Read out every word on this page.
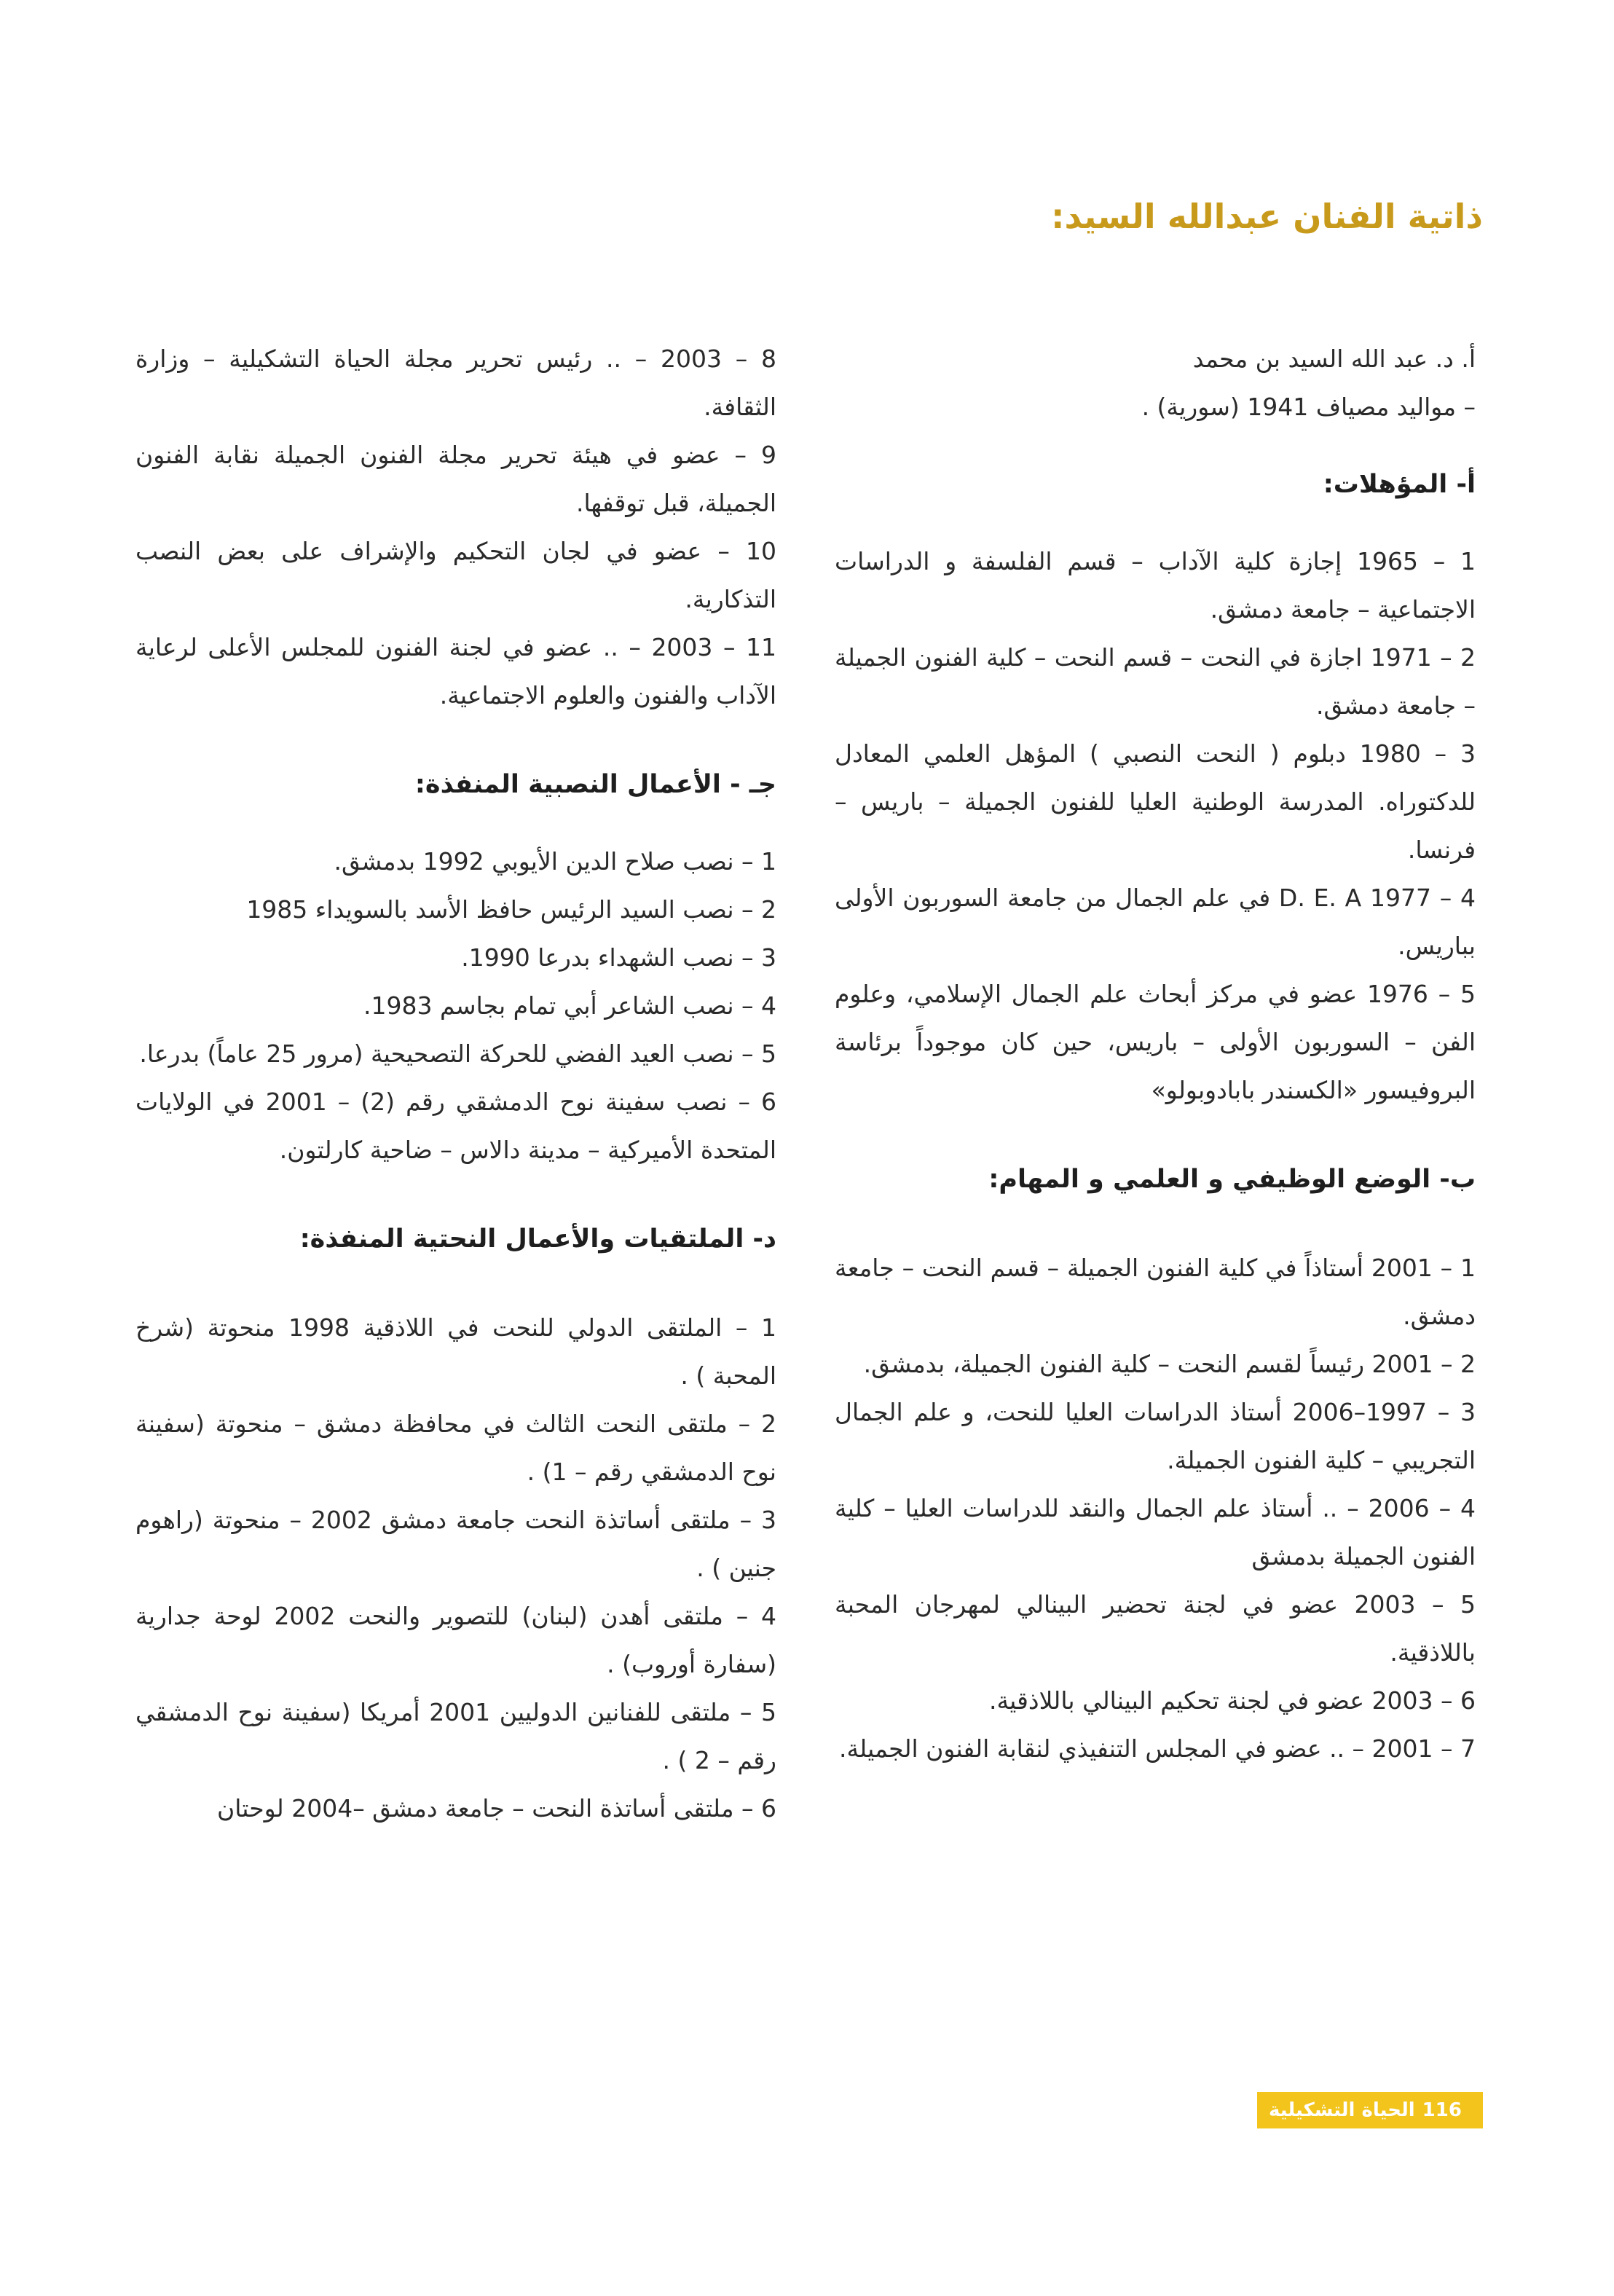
ذاتية الفنان عبدالله السيد:

أ. د. عبد الله السيد بن محمد

– مواليد مصياف 1941 (سورية) .

أ- المؤهلات:

1 – 1965 إجازة كلية الآداب – قسم الفلسفة و الدراسات الاجتماعية – جامعة دمشق.

2 – 1971 اجازة في النحت – قسم النحت – كلية الفنون الجميلة – جامعة دمشق.

3 – 1980 دبلوم ( النحت النصبي ) المؤهل العلمي المعادل للدكتوراه. المدرسة الوطنية العليا للفنون الجميلة – باريس – فرنسا.

4 – D. E. A 1977 في علم الجمال من جامعة السوربون الأولى بباريس.

5 – 1976 عضو في مركز أبحاث علم الجمال الإسلامي، وعلوم الفن – السوربون الأولى – باريس، حين كان موجوداً برئاسة البروفيسور «الكسندر بابادوبولو»

ب- الوضع الوظيفي و العلمي و المهام:

1 – 2001 أستاذاً في كلية الفنون الجميلة – قسم النحت – جامعة دمشق.

2 – 2001 رئيساً لقسم النحت – كلية الفنون الجميلة، بدمشق.

3 – 1997–2006 أستاذ الدراسات العليا للنحت، و علم الجمال التجريبي – كلية الفنون الجميلة.

4 – 2006 – .. أستاذ علم الجمال والنقد للدراسات العليا – كلية الفنون الجميلة بدمشق

5 – 2003 عضو في لجنة تحضير البينالي لمهرجان المحبة باللاذقية.

6 – 2003 عضو في لجنة تحكيم البينالي باللاذقية.

7 – 2001 – .. عضو في المجلس التنفيذي لنقابة الفنون الجميلة.

8 – 2003 – .. رئيس تحرير مجلة الحياة التشكيلية – وزارة الثقافة.

9 – عضو في هيئة تحرير مجلة الفنون الجميلة نقابة الفنون الجميلة، قبل توقفها.

10 – عضو في لجان التحكيم والإشراف على بعض النصب التذكارية.

11 – 2003 – .. عضو في لجنة الفنون للمجلس الأعلى لرعاية الآداب والفنون والعلوم الاجتماعية.

جـ - الأعمال النصبية المنفذة:

1 – نصب صلاح الدين الأيوبي 1992 بدمشق.

2 – نصب السيد الرئيس حافظ الأسد بالسويداء 1985

3 – نصب الشهداء بدرعا 1990.

4 – نصب الشاعر أبي تمام بجاسم 1983.

5 – نصب العيد الفضي للحركة التصحيحية (مرور 25 عاماً) بدرعا.

6 – نصب سفينة نوح الدمشقي رقم (2) – 2001 في الولايات المتحدة الأميركية – مدينة دالاس – ضاحية كارلتون.

د- الملتقيات والأعمال النحتية المنفذة:

1 – الملتقى الدولي للنحت في اللاذقية 1998 منحوتة (شرخ المحبة ) .

2 – ملتقى النحت الثالث في محافظة دمشق – منحوتة (سفينة نوح الدمشقي رقم – 1) .

3 – ملتقى أساتذة النحت جامعة دمشق 2002 – منحوتة (راهوم جنين ) .

4 – ملتقى أهدن (لبنان) للتصوير والنحت 2002 لوحة جدارية (سفارة أوروب) .

5 – ملتقى للفنانين الدوليين 2001 أمريكا (سفينة نوح الدمشقي رقم – 2 ) .

6 – ملتقى أساتذة النحت – جامعة دمشق –2004 لوحتان

116
الحياة التشكيلية
